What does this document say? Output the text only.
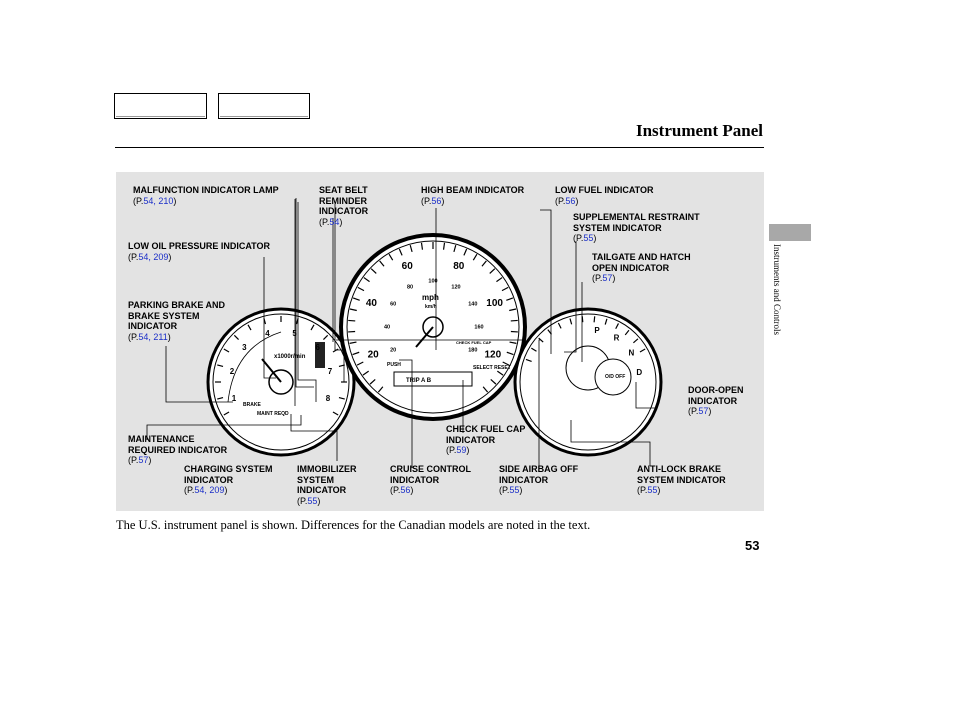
Instrument Panel
Instruments and Controls
x1000r/min
mph
km/h
BRAKE
MAINT REQD
PUSH
TRIP A B
SELECT RESET
O/D OFF
CHECK FUEL CAP
1
2
3
4	5
6
7
8
20
40
60	80
100
120
20
40
60
80
100
120
140
160
180
P
R
N
D
MALFUNCTION INDICATOR LAMP
(P.54, 210)
SEAT BELT
REMINDER
INDICATOR
(P.54)
HIGH BEAM INDICATOR
(P.56)
LOW FUEL INDICATOR
(P.56)
SUPPLEMENTAL RESTRAINT
SYSTEM INDICATOR
(P.55)
LOW OIL PRESSURE INDICATOR
(P.54, 209)	TAILGATE AND HATCH
OPEN INDICATOR
(P.57)
PARKING BRAKE AND
BRAKE SYSTEM
INDICATOR
(P.54, 211)
DOOR-OPEN
INDICATOR
(P.57)
MAINTENANCE
REQUIRED INDICATOR
(P.57)
CHECK FUEL CAP
INDICATOR
(P.59)
CHARGING SYSTEM
INDICATOR
(P.54, 209)
IMMOBILIZER
SYSTEM
INDICATOR
(P.55)
CRUISE CONTROL
INDICATOR
(P.56)
SIDE AIRBAG OFF
INDICATOR
(P.55)
ANTI-LOCK BRAKE
SYSTEM INDICATOR
(P.55)
The U.S. instrument panel is shown. Differences for the Canadian models are noted in the text.
53
